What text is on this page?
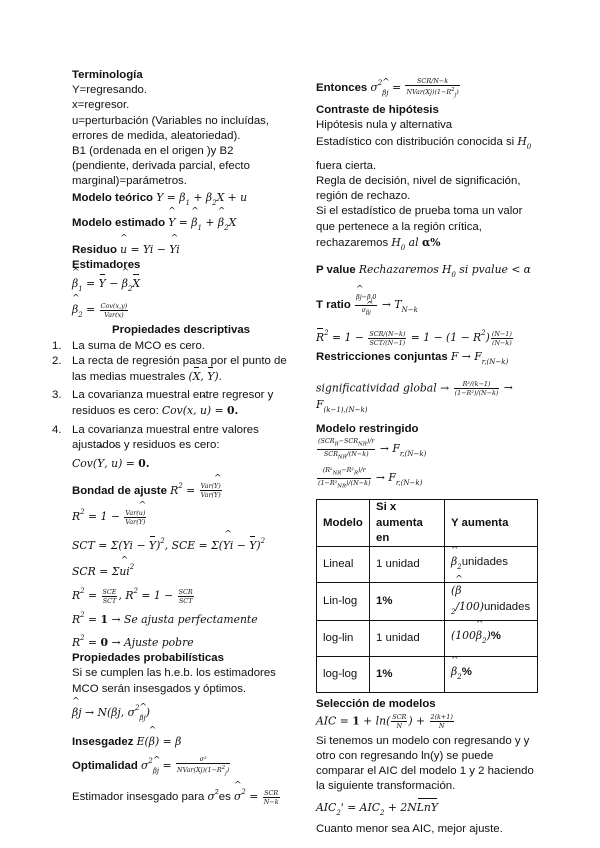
Terminología
Y=regresando.
x=regresor.
u=perturbación (Variables no incluídas, errores de medida, aleatoriedad).
B1 (ordenada en el origen )y B2 (pendiente, derivada parcial, efecto marginal)=parámetros.
Modelo teórico $Y = \beta_1 + \beta_2X + u$
Modelo estimado ^ Y = ^ $\beta_1$ + ^ $\beta_2X$
Residuo ^ u = Yi − ^ Yi
Estimadores
^ $\beta_1 = Y$ − ^ $\beta_2X$
^ $\beta_2 = \frac{\text{Cov(x,y)}}{\text{Var(x)}}$
Propiedades descriptivas
1. La suma de MCO es cero.
2. La recta de regresión pasa por el punto de las medias muestrales (X, Y).
3. La covarianza muestral entre regresor y residuos es cero: Cov(x, ^ u) = 0.
4. La covarianza muestral entre valores ajustados y residuos es cero:
Cov(^ Y, ^ u) = 0.
Bondad de ajuste $R^2 = \frac{\text{Var(\textasciicircum{} Y)}}{\text{Var(Y)}}$
$R^2 = 1 - \frac{\text{Var(\textasciicircum{} u)}}{\text{Var(Y)}}$
SCT = $\Sigma(Yi - Y)^2$, SCE = Σ(^ Yi − Y)$^2$
SCR = Σ^ $ui^2$
$R^2 = \frac{\text{SCE}}{\text{SCT}}$ , $R^2 = 1 - \frac{\text{SCR}}{\text{SCT}}$
$R^2 = 1 \to Se$ ajusta perfectamente
$R^2 = 0$ → Ajuste pobre
Propiedades probabilísticas
Si se cumplen las h.e.b. los estimadores MCO serán insesgados y óptimos.
^ βj → N(βj, $\sigma^2\^{}$ $_{\beta j}$)
Insesgadez E(^ β) = β
Optimalidad $\sigma^2\^{}$ $_{\beta j} = \frac{\text{σ²}}{NVar(Xj)(1-R^2_j)}$
Estimador insesgado para $\sigma^2es$ ^ $\sigma^2 = \frac{\text{SCR}}{N-k}$
Entonces $\sigma^2\^{}$ $_{\beta j} = \frac{\text{SCR/N−k}}{NVar(Xj)(1-R^2_j)}$
Contraste de hipótesis
Hipótesis nula y alternativa
Estadístico con distribución conocida si $H_0$
fuera cierta.
Regla de decisión, nivel de significación, región de rechazo.
Si el estadístico de prueba toma un valor que pertenece a la región crítica, rechazaremos $H_0$ al α%
P value Rechazaremos $H_0$ si pvalue < α
T ratio ^ $\frac{\beta j-\beta_j0}{\sigma\^{} _{\beta j}} \to T_{N-k}$
$R^2 = 1 - \frac{\text{SCR/(N−k)}}{\text{SCT/(N−1)}} = 1 - (1 - R^2) \frac{(N-1)}{(N-k)}$
Restricciones conjuntas $F \to F_{r,(N-k)}$
significatividad global → $\frac{\text{R²/(k−1)}}{\text{(1−R²)/(N−k)}} \to F_{(k-1),(N-k)}$
Modelo restringido
$\frac{(SCR_R-SCR_{NR})/r}{SCR_{NR}/(N-k)} \to F_{r,(N-k)}$
$\frac{(R^2_{NR}-R^2_R)/r}{(1-R^2_{NR})/(N-k)} \to F_{r,(N-k)}$
Modelo	Si x aumenta en	Y aumenta
Lineal	1 unidad	^ $\beta_2unidades$
Lin-log	1%	(^ $\beta_2/100)unidades$
log-lin	1 unidad	(100^ $\beta_2)\%$
log-log	1%	^ $\beta_2\%$
Selección de modelos
AIC = $1 + \ln( \frac{\text{SCR}}{N}$ ) + $\frac{2(k+1)}{N}$
Si tenemos un modelo con regresando y y otro con regresando ln(y) se puede comparar el AIC del modelo 1 y 2 haciendo la siguiente transformación.
$AIC_2' = AIC_2$ + 2NLnY
Cuanto menor sea AIC, mejor ajuste.
